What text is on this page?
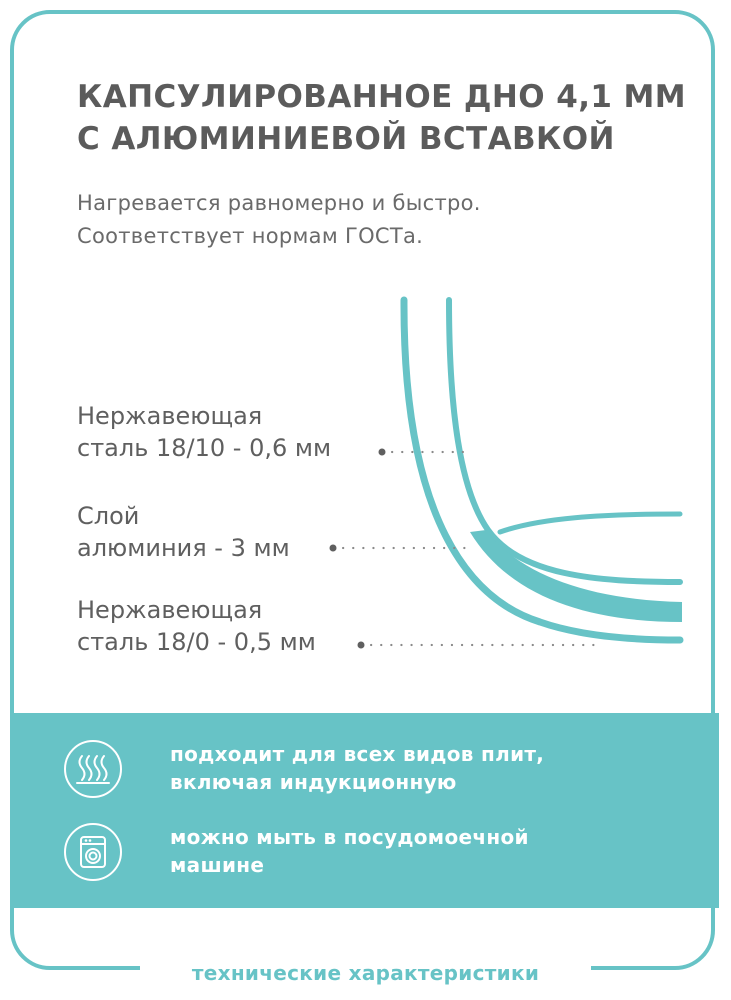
КАПСУЛИРОВАННОЕ ДНО 4,1 ММ
С АЛЮМИНИЕВОЙ ВСТАВКОЙ
Нагревается равномерно и быстро.
Соответствует нормам ГОСТа.
Нержавеющая
сталь 18/10 - 0,6 мм
Слой
алюминия - 3 мм
Нержавеющая
сталь 18/0 - 0,5 мм
подходит для всех видов плит,
включая индукционную
можно мыть в посудомоечной
машине
технические характеристики
